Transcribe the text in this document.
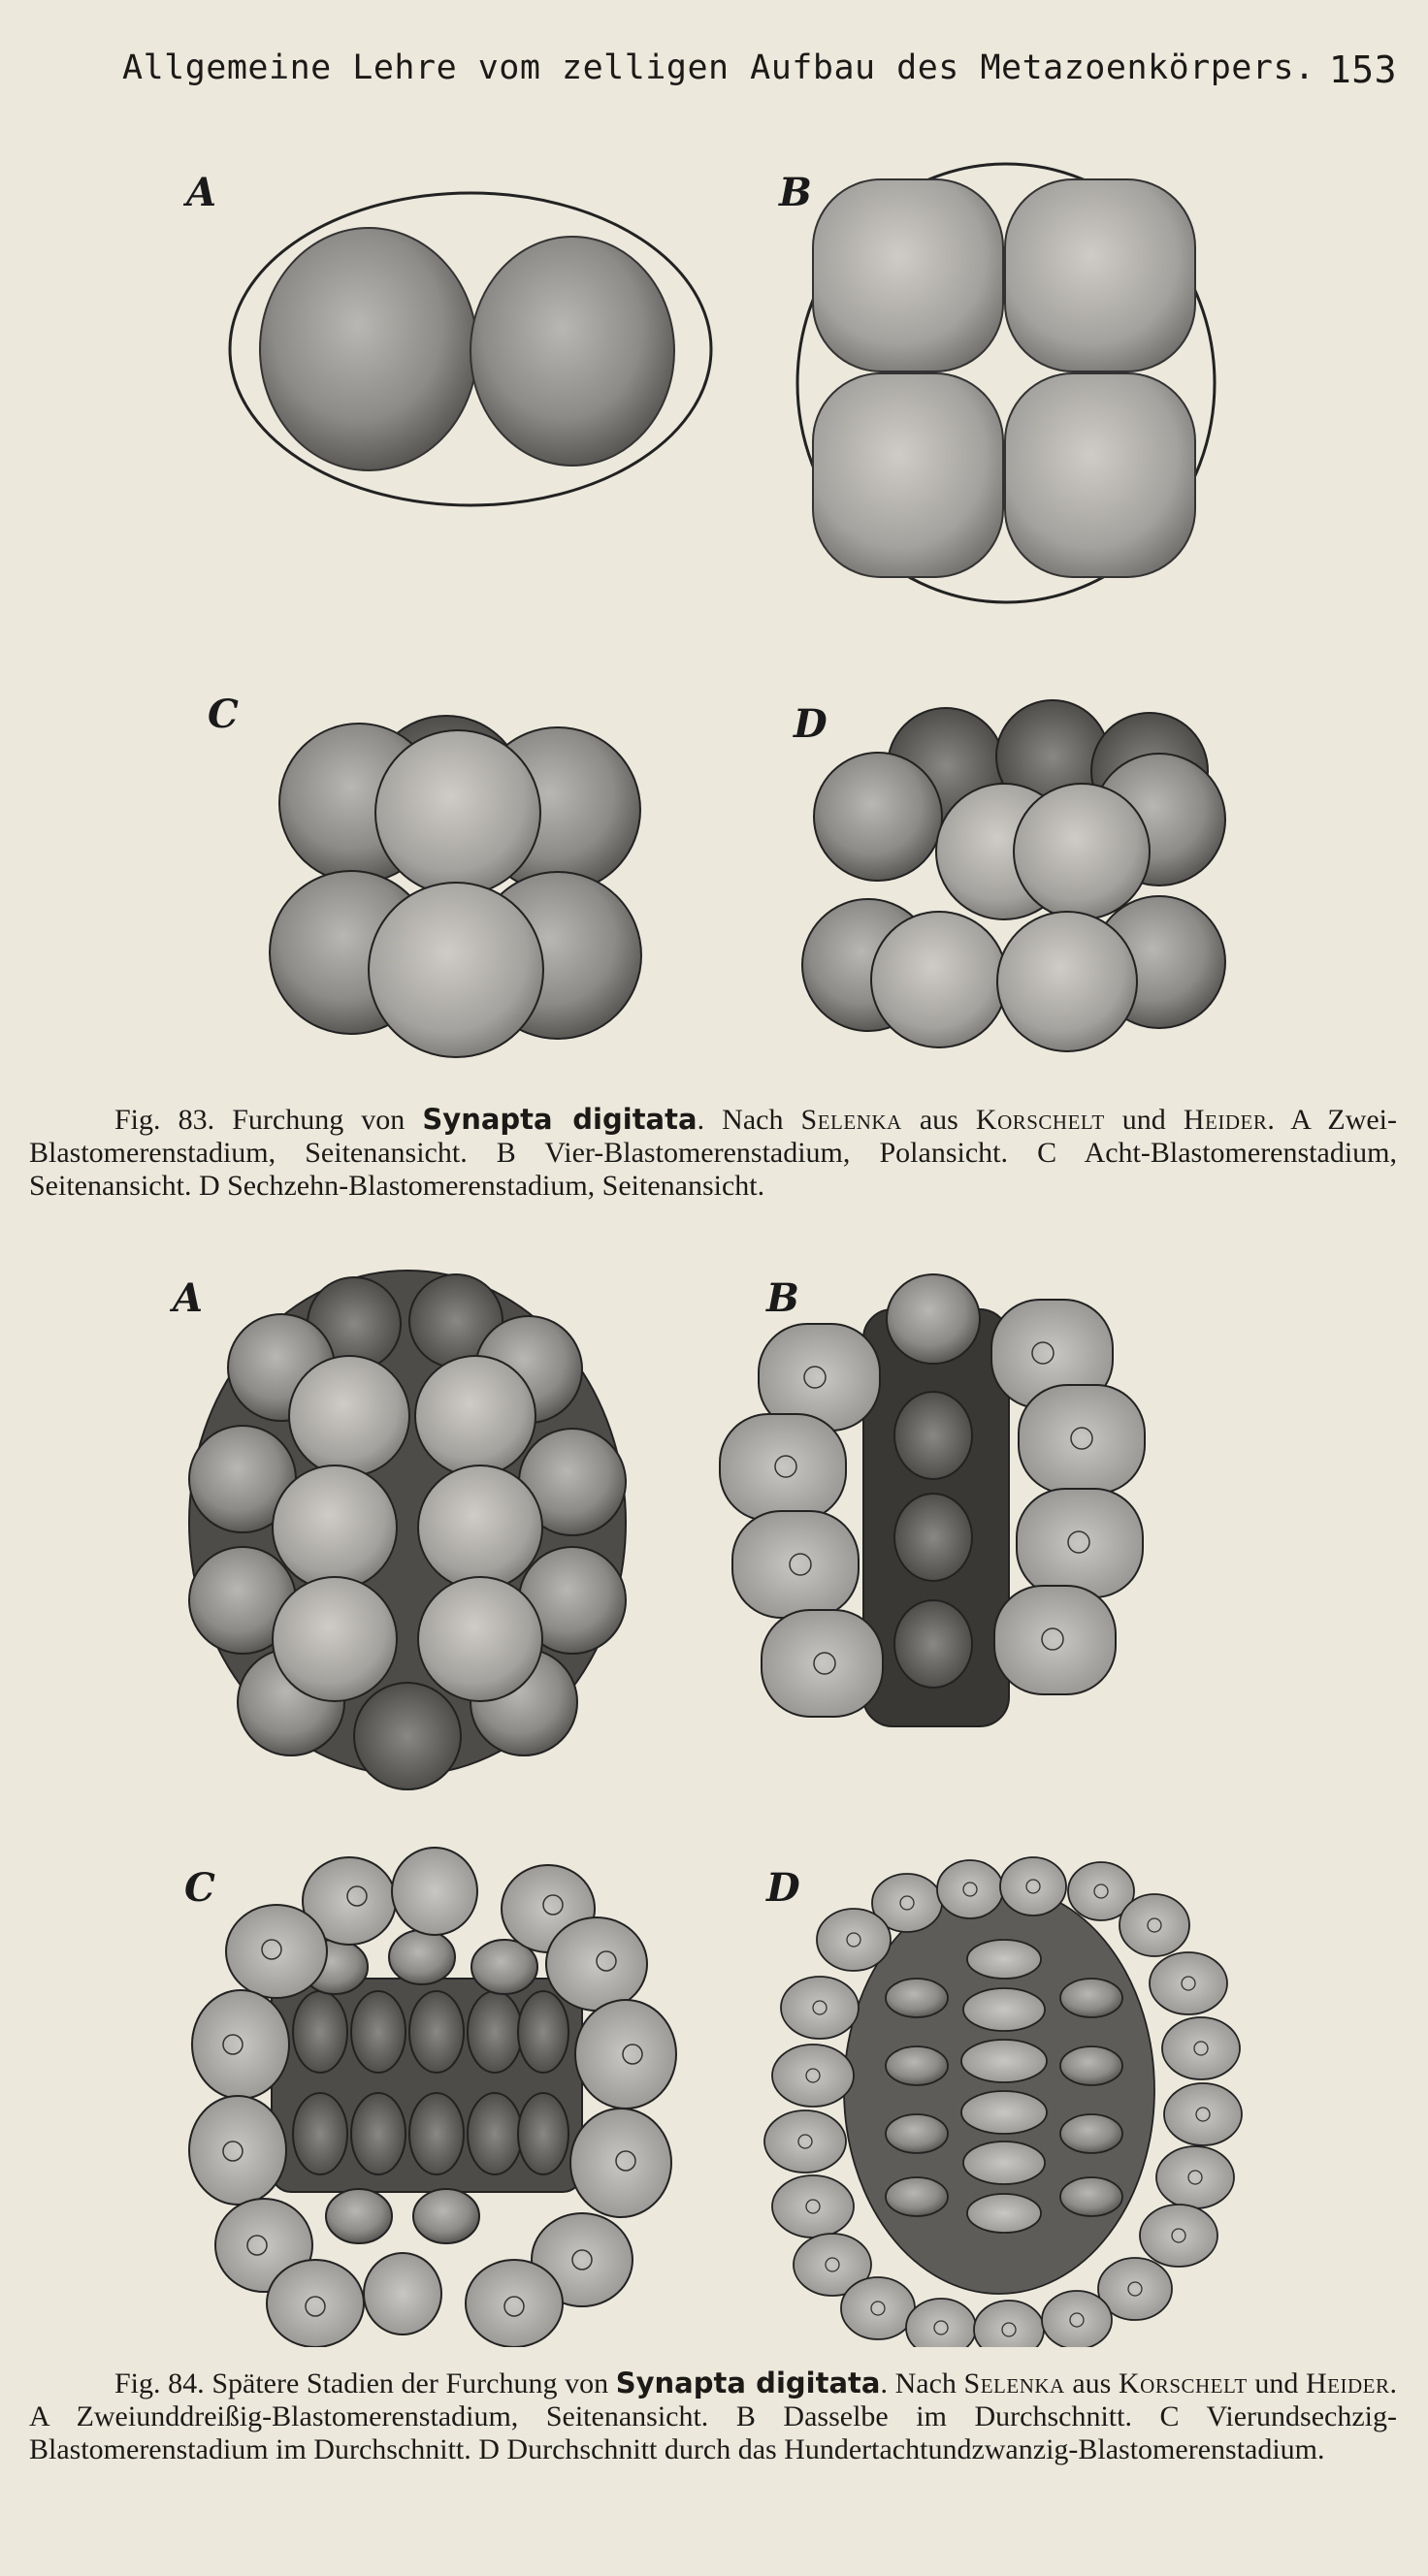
Allgemeine Lehre vom zelligen Aufbau des Metazoenkörpers. 153
A	B
C	D
Fig. 83. Furchung von Synapta digitata. Nach Selenka aus Korschelt und Heider. A Zwei-Blastomerenstadium, Seitenansicht. B Vier-Blastomerenstadium, Polansicht. C Acht-Blastomerenstadium, Seitenansicht. D Sechzehn-Blastomerenstadium, Seitenansicht.
A	B
C	D
Fig. 84. Spätere Stadien der Furchung von Synapta digitata. Nach Selenka aus Korschelt und Heider. A Zweiunddreißig-Blastomerenstadium, Seitenansicht. B Dasselbe im Durchschnitt. C Vierundsechzig-Blastomerenstadium im Durchschnitt. D Durchschnitt durch das Hundertachtundzwanzig-Blastomerenstadium.
